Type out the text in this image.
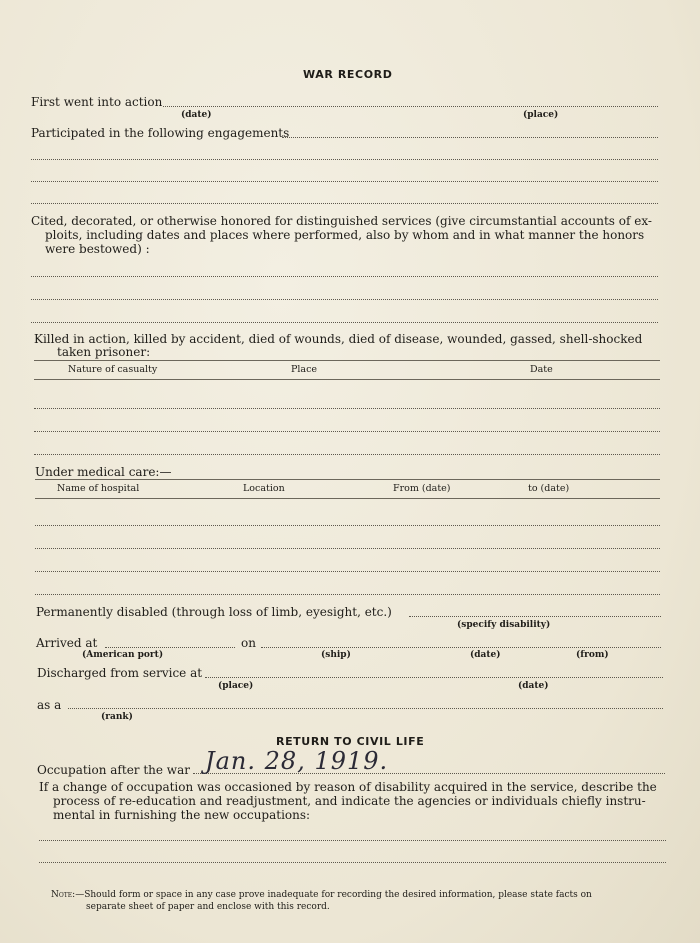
WAR RECORD
First went into action
(date)	(place)
Participated in the following engagements
Cited, decorated, or otherwise honored for distinguished services (give circumstantial accounts of ex-
ploits, including dates and places where performed, also by whom and in what manner the honors
were bestowed) :
Killed in action, killed by accident, died of wounds, died of disease, wounded, gassed, shell-shocked
taken prisoner:
Nature of casualty	Place	Date
Under medical care:—
Name of hospital	Location	From (date)	to (date)
Permanently disabled (through loss of limb, eyesight, etc.)
(specify disability)
Arrived at	on
(American port)	(ship)	(date)	(from)
Discharged from service at
(place)	(date)
as a
(rank)
RETURN TO CIVIL LIFE
Occupation after the war Jan. 28, 1919.
If a change of occupation was occasioned by reason of disability acquired in the service, describe the
process of re-education and readjustment, and indicate the agencies or individuals chiefly instru-
mental in furnishing the new occupations:
Note:—Should form or space in any case prove inadequate for recording the desired information, please state facts on
separate sheet of paper and enclose with this record.
